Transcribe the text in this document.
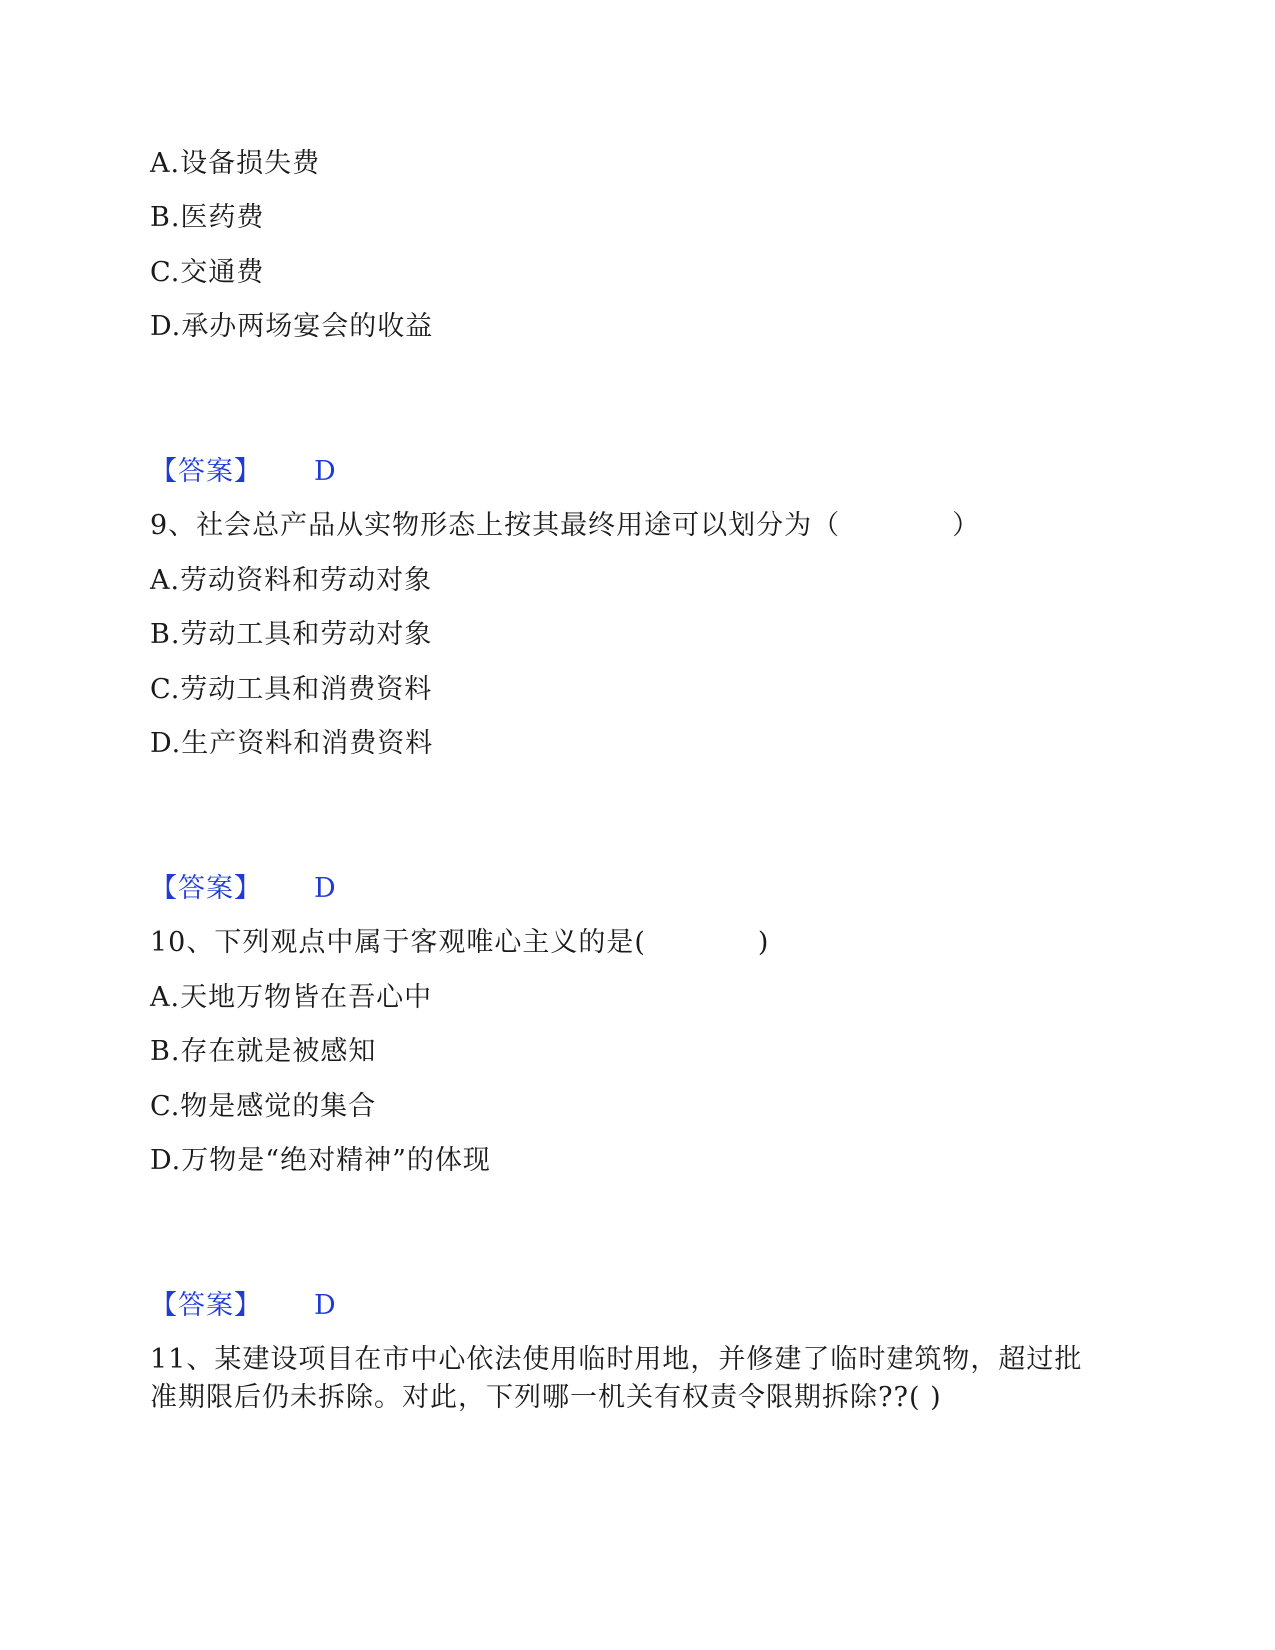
A.设备损失费
B.医药费
C.交通费
D.承办两场宴会的收益
【答案】 D
9、社会总产品从实物形态上按其最终用途可以划分为（　　　　）
A.劳动资料和劳动对象
B.劳动工具和劳动对象
C.劳动工具和消费资料
D.生产资料和消费资料
【答案】 D
10、下列观点中属于客观唯心主义的是(　　　　)
A.天地万物皆在吾心中
B.存在就是被感知
C.物是感觉的集合
D.万物是“绝对精神”的体现
【答案】 D
11、某建设项目在市中心依法使用临时用地，并修建了临时建筑物，超过批
准期限后仍未拆除。对此，下列哪一机关有权责令限期拆除??( )
